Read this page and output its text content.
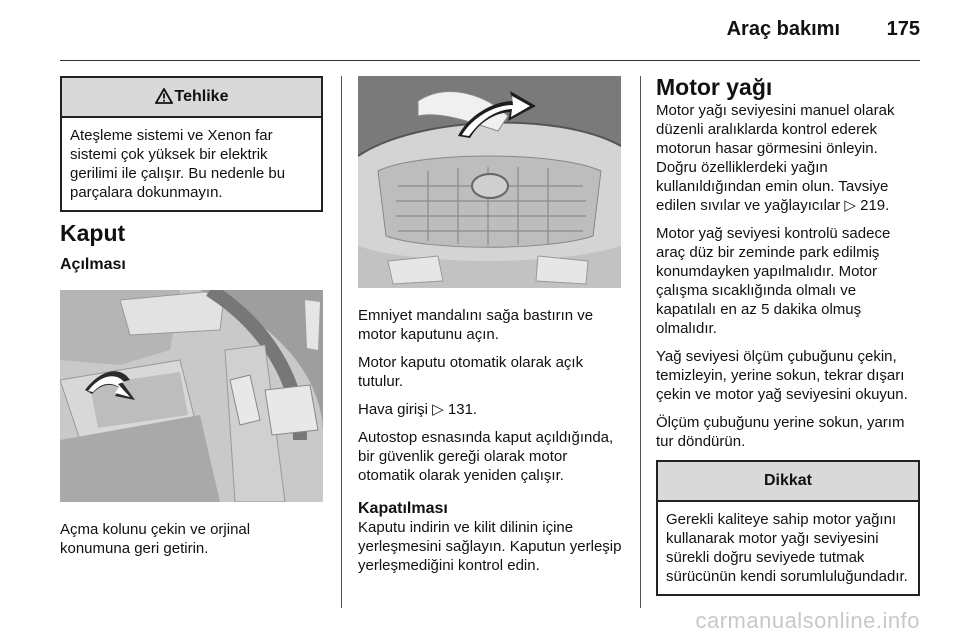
Araç bakımı 175
Tehlike
Ateşleme sistemi ve Xenon far sistemi çok yüksek bir elektrik gerilimi ile çalışır. Bu nedenle bu parçalara dokunmayın.
Kaput
Açılması

Açma kolunu çekin ve orjinal konumuna geri getirin.

Emniyet mandalını sağa bastırın ve motor kaputunu açın.

Motor kaputu otomatik olarak açık tutulur.

Hava girişi ▷ 131.

Autostop esnasında kaput açıldığında, bir güvenlik gereği olarak motor otomatik olarak yeniden çalışır.

Kapatılması

Kaputu indirin ve kilit dilinin içine yerleşmesini sağlayın. Kaputun yerleşip yerleşmediğini kontrol edin.

Motor yağı

Motor yağı seviyesini manuel olarak düzenli aralıklarda kontrol ederek motorun hasar görmesini önleyin. Doğru özelliklerdeki yağın kullanıldığından emin olun. Tavsiye edilen sıvılar ve yağlayıcılar ▷ 219.

Motor yağ seviyesi kontrolü sadece araç düz bir zeminde park edilmiş konumdayken yapılmalıdır. Motor çalışma sıcaklığında olmalı ve kapatılalı en az 5 dakika olmuş olmalıdır.

Yağ seviyesi ölçüm çubuğunu çekin, temizleyin, yerine sokun, tekrar dışarı çekin ve motor yağ seviyesini okuyun.

Ölçüm çubuğunu yerine sokun, yarım tur döndürün.

Dikkat
Gerekli kaliteye sahip motor yağını kullanarak motor yağı seviyesini sürekli doğru seviyede tutmak sürücünün kendi sorumluluğundadır.
carmanualsonline.info
